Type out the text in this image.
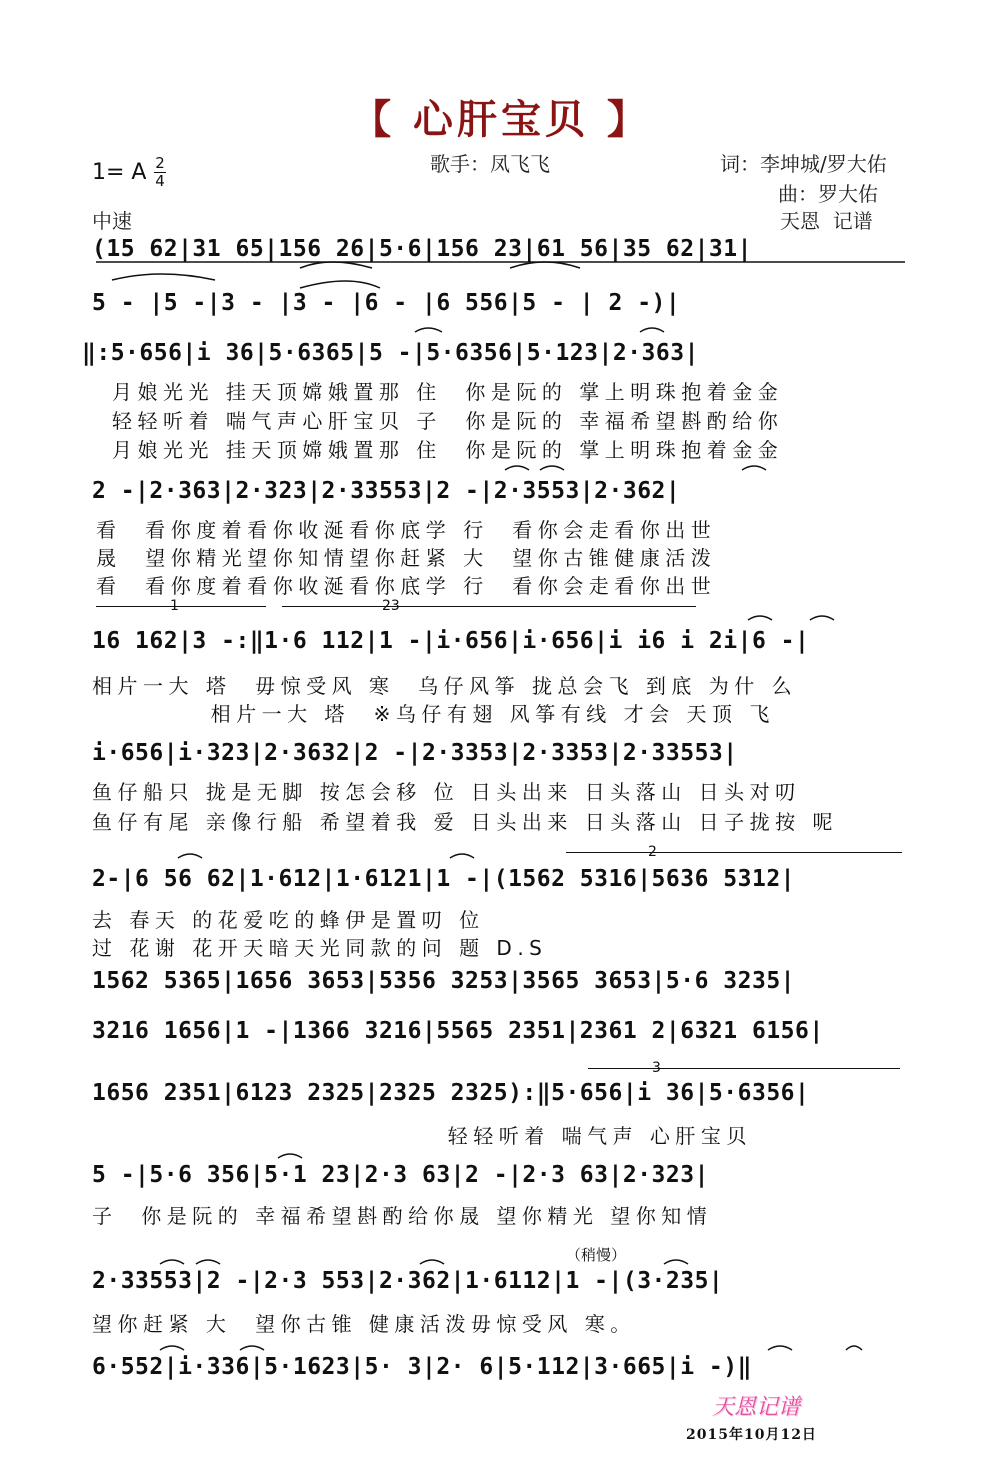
【 心肝宝贝 】
1= A 2
4
歌手：凤飞飞	词：李坤城/罗大佑
曲：罗大佑
中速	天恩  记谱
(15 62|31 65|156 26|5·6|156 23|61 56|35 62|31|
5 - |5 -|3 - |3 - |6 - |6 556|5 - | 2 -)|
‖:5·656|i 36|5·6365|5 -|5·6356|5·123|2·363|
月娘光光 挂天顶嫦娥置那 住  你是阮的 掌上明珠抱着金金
轻轻听着 喘气声心肝宝贝 子  你是阮的 幸福希望斟酌给你
月娘光光 挂天顶嫦娥置那 住  你是阮的 掌上明珠抱着金金
2 -|2·363|2·323|2·33553|2 -|2·3553|2·362|
看  看你度着看你收涎看你底学 行  看你会走看你出世
晟  望你精光望你知情望你赶紧 大  望你古锥健康活泼
看  看你度着看你收涎看你底学 行  看你会走看你出世
1	23
16 162|3 -:‖1·6 112|1 -|i·656|i·656|i i6 i 2i|6 -|
相片一大 塔  毋惊受风 寒  乌仔风筝 拢总会飞 到底 为什 么
相片一大 塔  ※乌仔有翅 风筝有线 才会 天顶 飞
i·656|i·323|2·3632|2 -|2·3353|2·3353|2·33553|
鱼仔船只 拢是无脚 按怎会移 位 日头出来 日头落山 日头对叨
鱼仔有尾 亲像行船 希望着我 爱 日头出来 日头落山 日子拢按 呢
2
2-|6 56 62|1·612|1·6121|1 -|(1562 5316|5636 5312|
去 春天 的花爱吃的蜂伊是置叨 位
过 花谢 花开天暗天光同款的问 题 D.S
1562 5365|1656 3653|5356 3253|3565 3653|5·6 3235|
3216 1656|1 -|1366 3216|5565 2351|2361 2|6321 6156|
3
1656 2351|6123 2325|2325 2325):‖5·656|i 36|5·6356|
轻轻听着 喘气声 心肝宝贝
5 -|5·6 356|5·1 23|2·3 63|2 -|2·3 63|2·323|
子  你是阮的 幸福希望斟酌给你晟 望你精光 望你知情
（稍慢）
2·33553|2 -|2·3 553|2·362|1·6112|1 -|(3·235|
望你赶紧 大  望你古锥 健康活泼毋惊受风 寒。
6·552|i·336|5·1623|5· 3|2· 6|5·112|3·665|i -)‖
天恩记谱
2015年10月12日
